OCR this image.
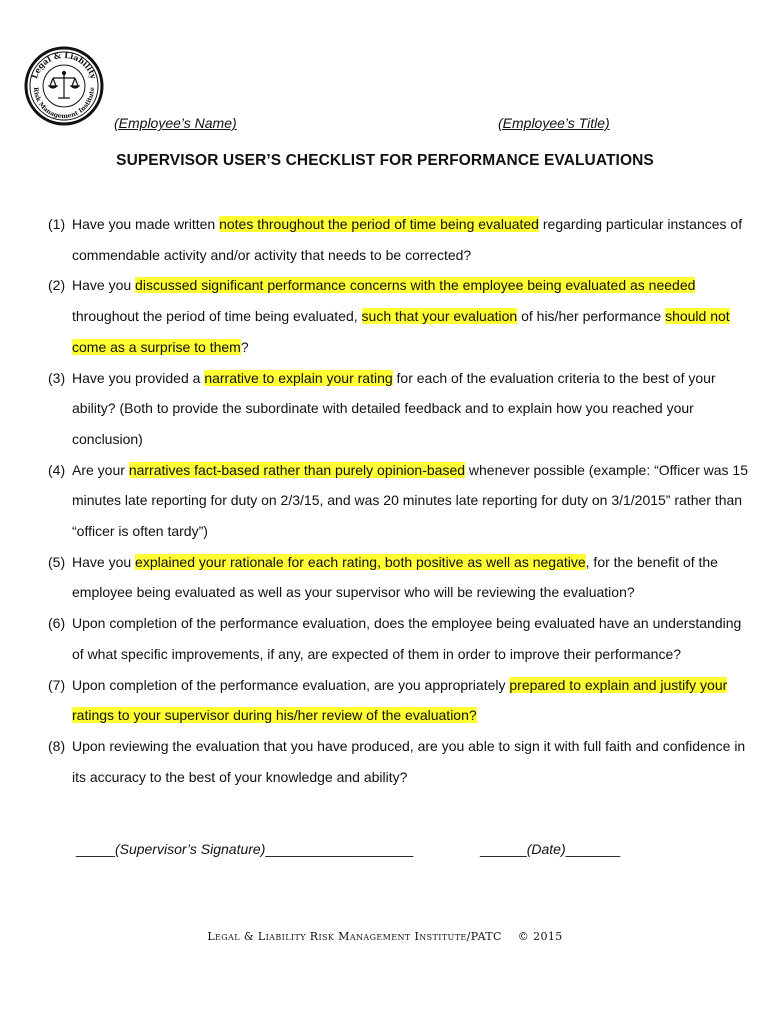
Legal & Liability
Risk Management Institute
(Employee’s Name)	(Employee’s Title)
SUPERVISOR USER’S CHECKLIST FOR PERFORMANCE EVALUATIONS
(1) Have you made written notes throughout the period of time being evaluated regarding particular instances of commendable activity and/or activity that needs to be corrected?
(2) Have you discussed significant performance concerns with the employee being evaluated as needed throughout the period of time being evaluated, such that your evaluation of his/her performance should not come as a surprise to them?
(3) Have you provided a narrative to explain your rating for each of the evaluation criteria to the best of your ability? (Both to provide the subordinate with detailed feedback and to explain how you reached your conclusion)
(4) Are your narratives fact-based rather than purely opinion-based whenever possible (example: “Officer was 15 minutes late reporting for duty on 2/3/15, and was 20 minutes late reporting for duty on 3/1/2015” rather than “officer is often tardy”)
(5) Have you explained your rationale for each rating, both positive as well as negative, for the benefit of the employee being evaluated as well as your supervisor who will be reviewing the evaluation?
(6) Upon completion of the performance evaluation, does the employee being evaluated have an understanding of what specific improvements, if any, are expected of them in order to improve their performance?
(7) Upon completion of the performance evaluation, are you appropriately prepared to explain and justify your ratings to your supervisor during his/her review of the evaluation?
(8) Upon reviewing the evaluation that you have produced, are you able to sign it with full faith and confidence in its accuracy to the best of your knowledge and ability?
_____(Supervisor’s Signature)___________________	______(Date)_______
Legal & Liability Risk Management Institute/PATC © 2015
